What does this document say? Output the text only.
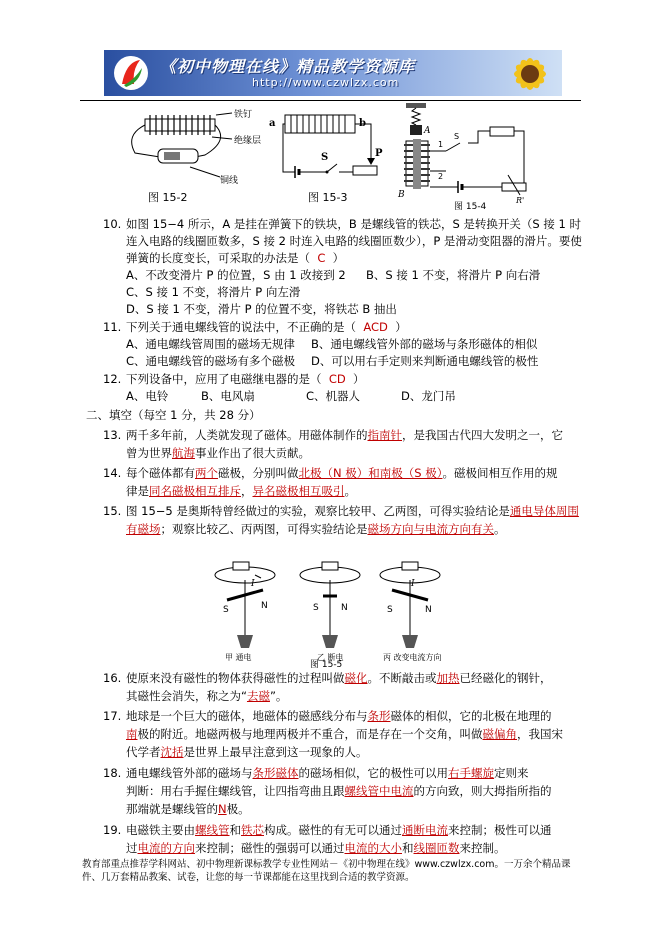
《初中物理在线》精品教学资源库
http://www.czwlzx.com
铁钉
绝缘层
铜线
图 15-2
a	b
S	P
图 15-3
A
B
1
2
S
R'
图 15-4
10. 如图 15−4 所示，A 是挂在弹簧下的铁块，B 是螺线管的铁芯，S 是转换开关（S 接 1 时
连入电路的线圈匝数多，S 接 2 时连入电路的线圈匝数少），P 是滑动变阻器的滑片。要使
弹簧的长度变长，可采取的办法是（ C ）
A、不改变滑片 P 的位置，S 由 1 改接到 2 B、S 接 1 不变，将滑片 P 向右滑
C、S 接 1 不变，将滑片 P 向左滑
D、S 接 1 不变，滑片 P 的位置不变，将铁芯 B 抽出
11. 下列关于通电螺线管的说法中，不正确的是（ ACD ）
A、通电螺线管周围的磁场无规律 B、通电螺线管外部的磁场与条形磁体的相似
C、通电螺线管的磁场有多个磁极 D、可以用右手定则来判断通电螺线管的极性
12. 下列设备中，应用了电磁继电器的是（ CD ）
A、电铃	B、电风扇	C、机器人	D、龙门吊
二、填空（每空 1 分，共 28 分）
13. 两千多年前，人类就发现了磁体。用磁体制作的指南针，是我国古代四大发明之一，它
曾为世界航海事业作出了很大贡献。
14. 每个磁体都有两个磁极，分别叫做北极（N 极）和南极（S 极）。磁极间相互作用的规
律是同名磁极相互排斥，异名磁极相互吸引。
15. 图 15−5 是奥斯特曾经做过的实验，观察比较甲、乙两图，可得实验结论是通电导体周围
有磁场；观察比较乙、丙两图，可得实验结论是磁场方向与电流方向有关。
S	N
I
S N	S	N
I
甲 通电	乙 断电	丙 改变电流方向
图 15-5
16. 使原来没有磁性的物体获得磁性的过程叫做磁化。不断敲击或加热已经磁化的钢针，
其磁性会消失，称之为“去磁”。
17. 地球是一个巨大的磁体，地磁体的磁感线分布与条形磁体的相似，它的北极在地理的
南极的附近。地磁两极与地理两极并不重合，而是存在一个交角，叫做磁偏角，我国宋
代学者沈括是世界上最早注意到这一现象的人。
18. 通电螺线管外部的磁场与条形磁体的磁场相似，它的极性可以用右手螺旋定则来
判断：用右手握住螺线管，让四指弯曲且跟螺线管中电流的方向致，则大拇指所指的
那端就是螺线管的N极。
19. 电磁铁主要由螺线管和铁芯构成。磁性的有无可以通过通断电流来控制；极性可以通
过电流的方向来控制；磁性的强弱可以通过电流的大小和线圈匝数来控制。
教育部重点推荐学科网站、初中物理新课标教学专业性网站－《初中物理在线》www.czwlzx.com。一万余个精品课
件、几万套精品教案、试卷，让您的每一节课都能在这里找到合适的教学资源。
